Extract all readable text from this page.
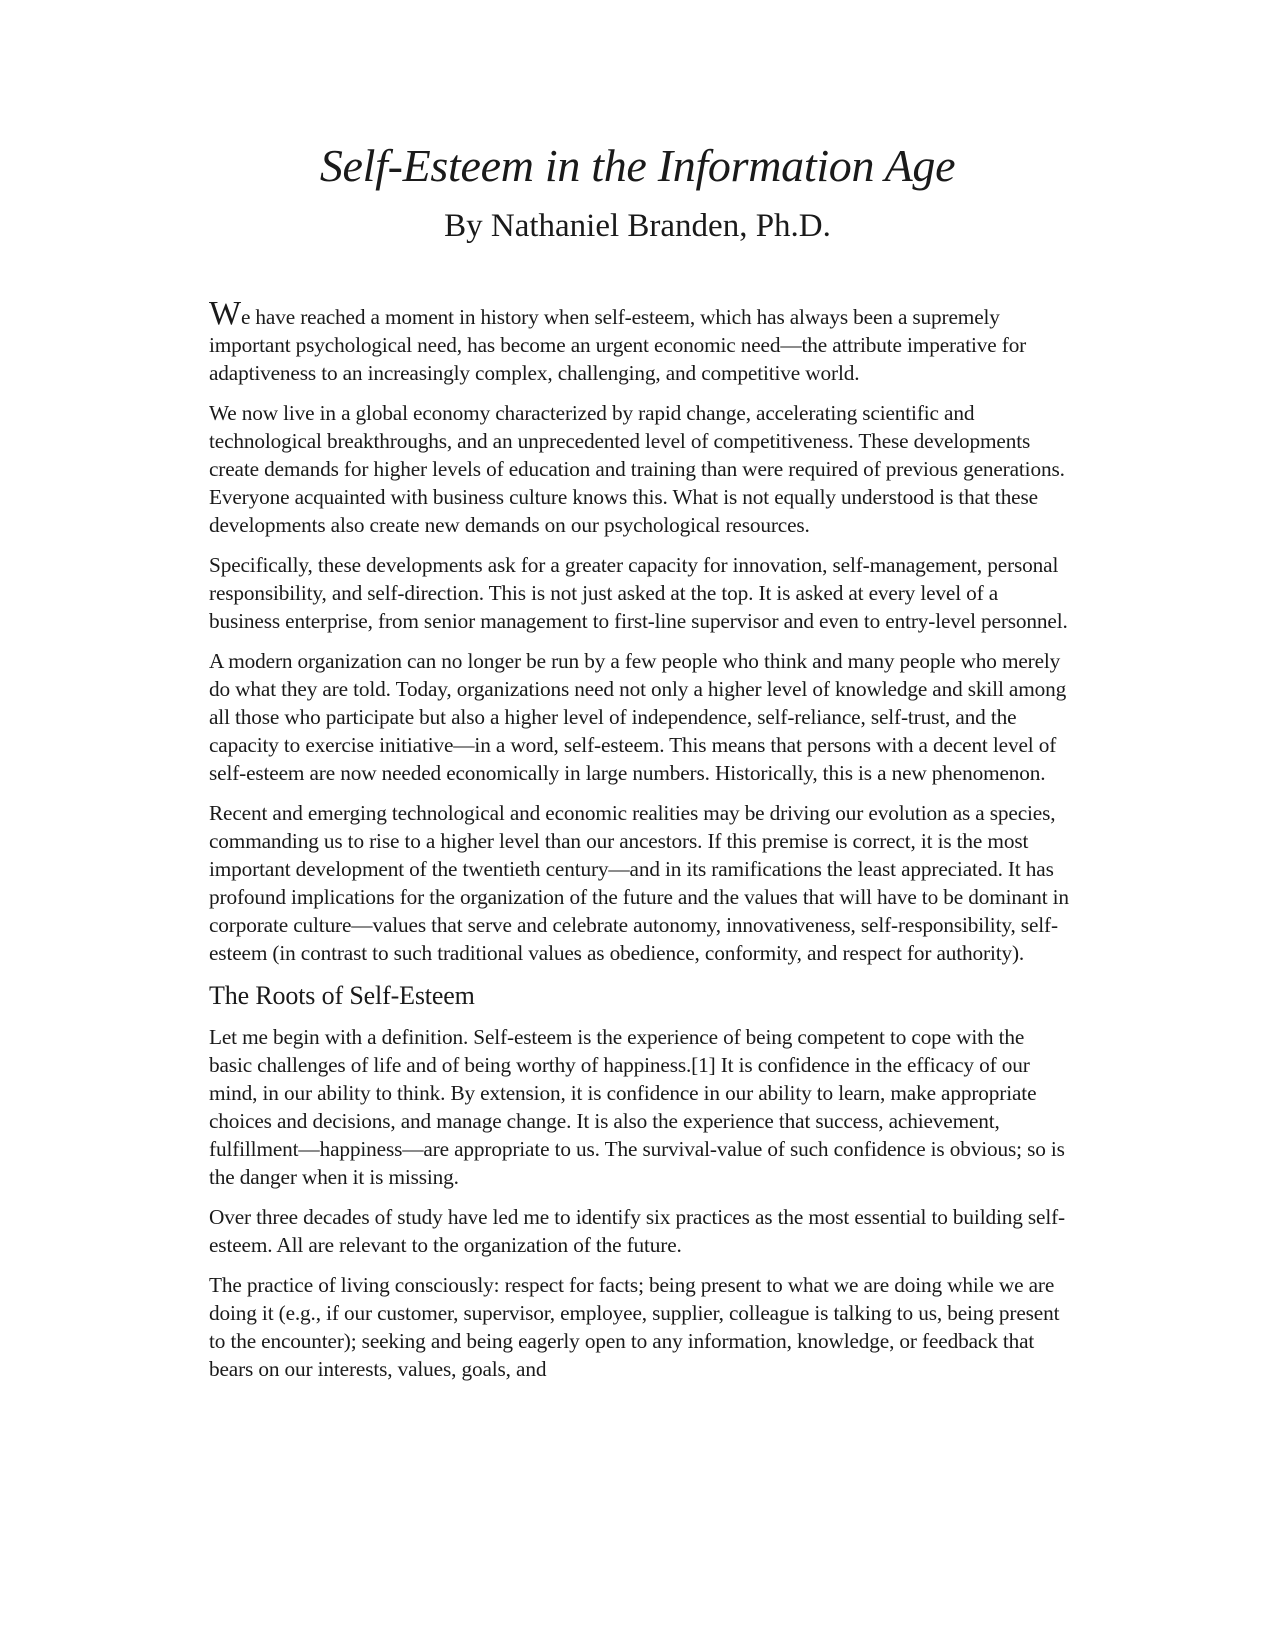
Self-Esteem in the Information Age
By Nathaniel Branden, Ph.D.

We have reached a moment in history when self-esteem, which has always been a supremely important psychological need, has become an urgent economic need—the attribute imperative for adaptiveness to an increasingly complex, challenging, and competitive world.

We now live in a global economy characterized by rapid change, accelerating scientific and technological breakthroughs, and an unprecedented level of competitiveness. These developments create demands for higher levels of education and training than were required of previous generations. Everyone acquainted with business culture knows this. What is not equally understood is that these developments also create new demands on our psychological resources.

Specifically, these developments ask for a greater capacity for innovation, self-management, personal responsibility, and self-direction. This is not just asked at the top. It is asked at every level of a business enterprise, from senior management to first-line supervisor and even to entry-level personnel.

A modern organization can no longer be run by a few people who think and many people who merely do what they are told. Today, organizations need not only a higher level of knowledge and skill among all those who participate but also a higher level of independence, self-reliance, self-trust, and the capacity to exercise initiative—in a word, self-esteem. This means that persons with a decent level of self-esteem are now needed economically in large numbers. Historically, this is a new phenomenon.

Recent and emerging technological and economic realities may be driving our evolution as a species, commanding us to rise to a higher level than our ancestors. If this premise is correct, it is the most important development of the twentieth century—and in its ramifications the least appreciated. It has profound implications for the organization of the future and the values that will have to be dominant in corporate culture—values that serve and celebrate autonomy, innovativeness, self-responsibility, self-esteem (in contrast to such traditional values as obedience, conformity, and respect for authority).

The Roots of Self-Esteem

Let me begin with a definition. Self-esteem is the experience of being competent to cope with the basic challenges of life and of being worthy of happiness.[1] It is confidence in the efficacy of our mind, in our ability to think. By extension, it is confidence in our ability to learn, make appropriate choices and decisions, and manage change. It is also the experience that success, achievement, fulfillment—happiness—are appropriate to us. The survival-value of such confidence is obvious; so is the danger when it is missing.

Over three decades of study have led me to identify six practices as the most essential to building self-esteem. All are relevant to the organization of the future.

The practice of living consciously: respect for facts; being present to what we are doing while we are doing it (e.g., if our customer, supervisor, employee, supplier, colleague is talking to us, being present to the encounter); seeking and being eagerly open to any information, knowledge, or feedback that bears on our interests, values, goals, and
